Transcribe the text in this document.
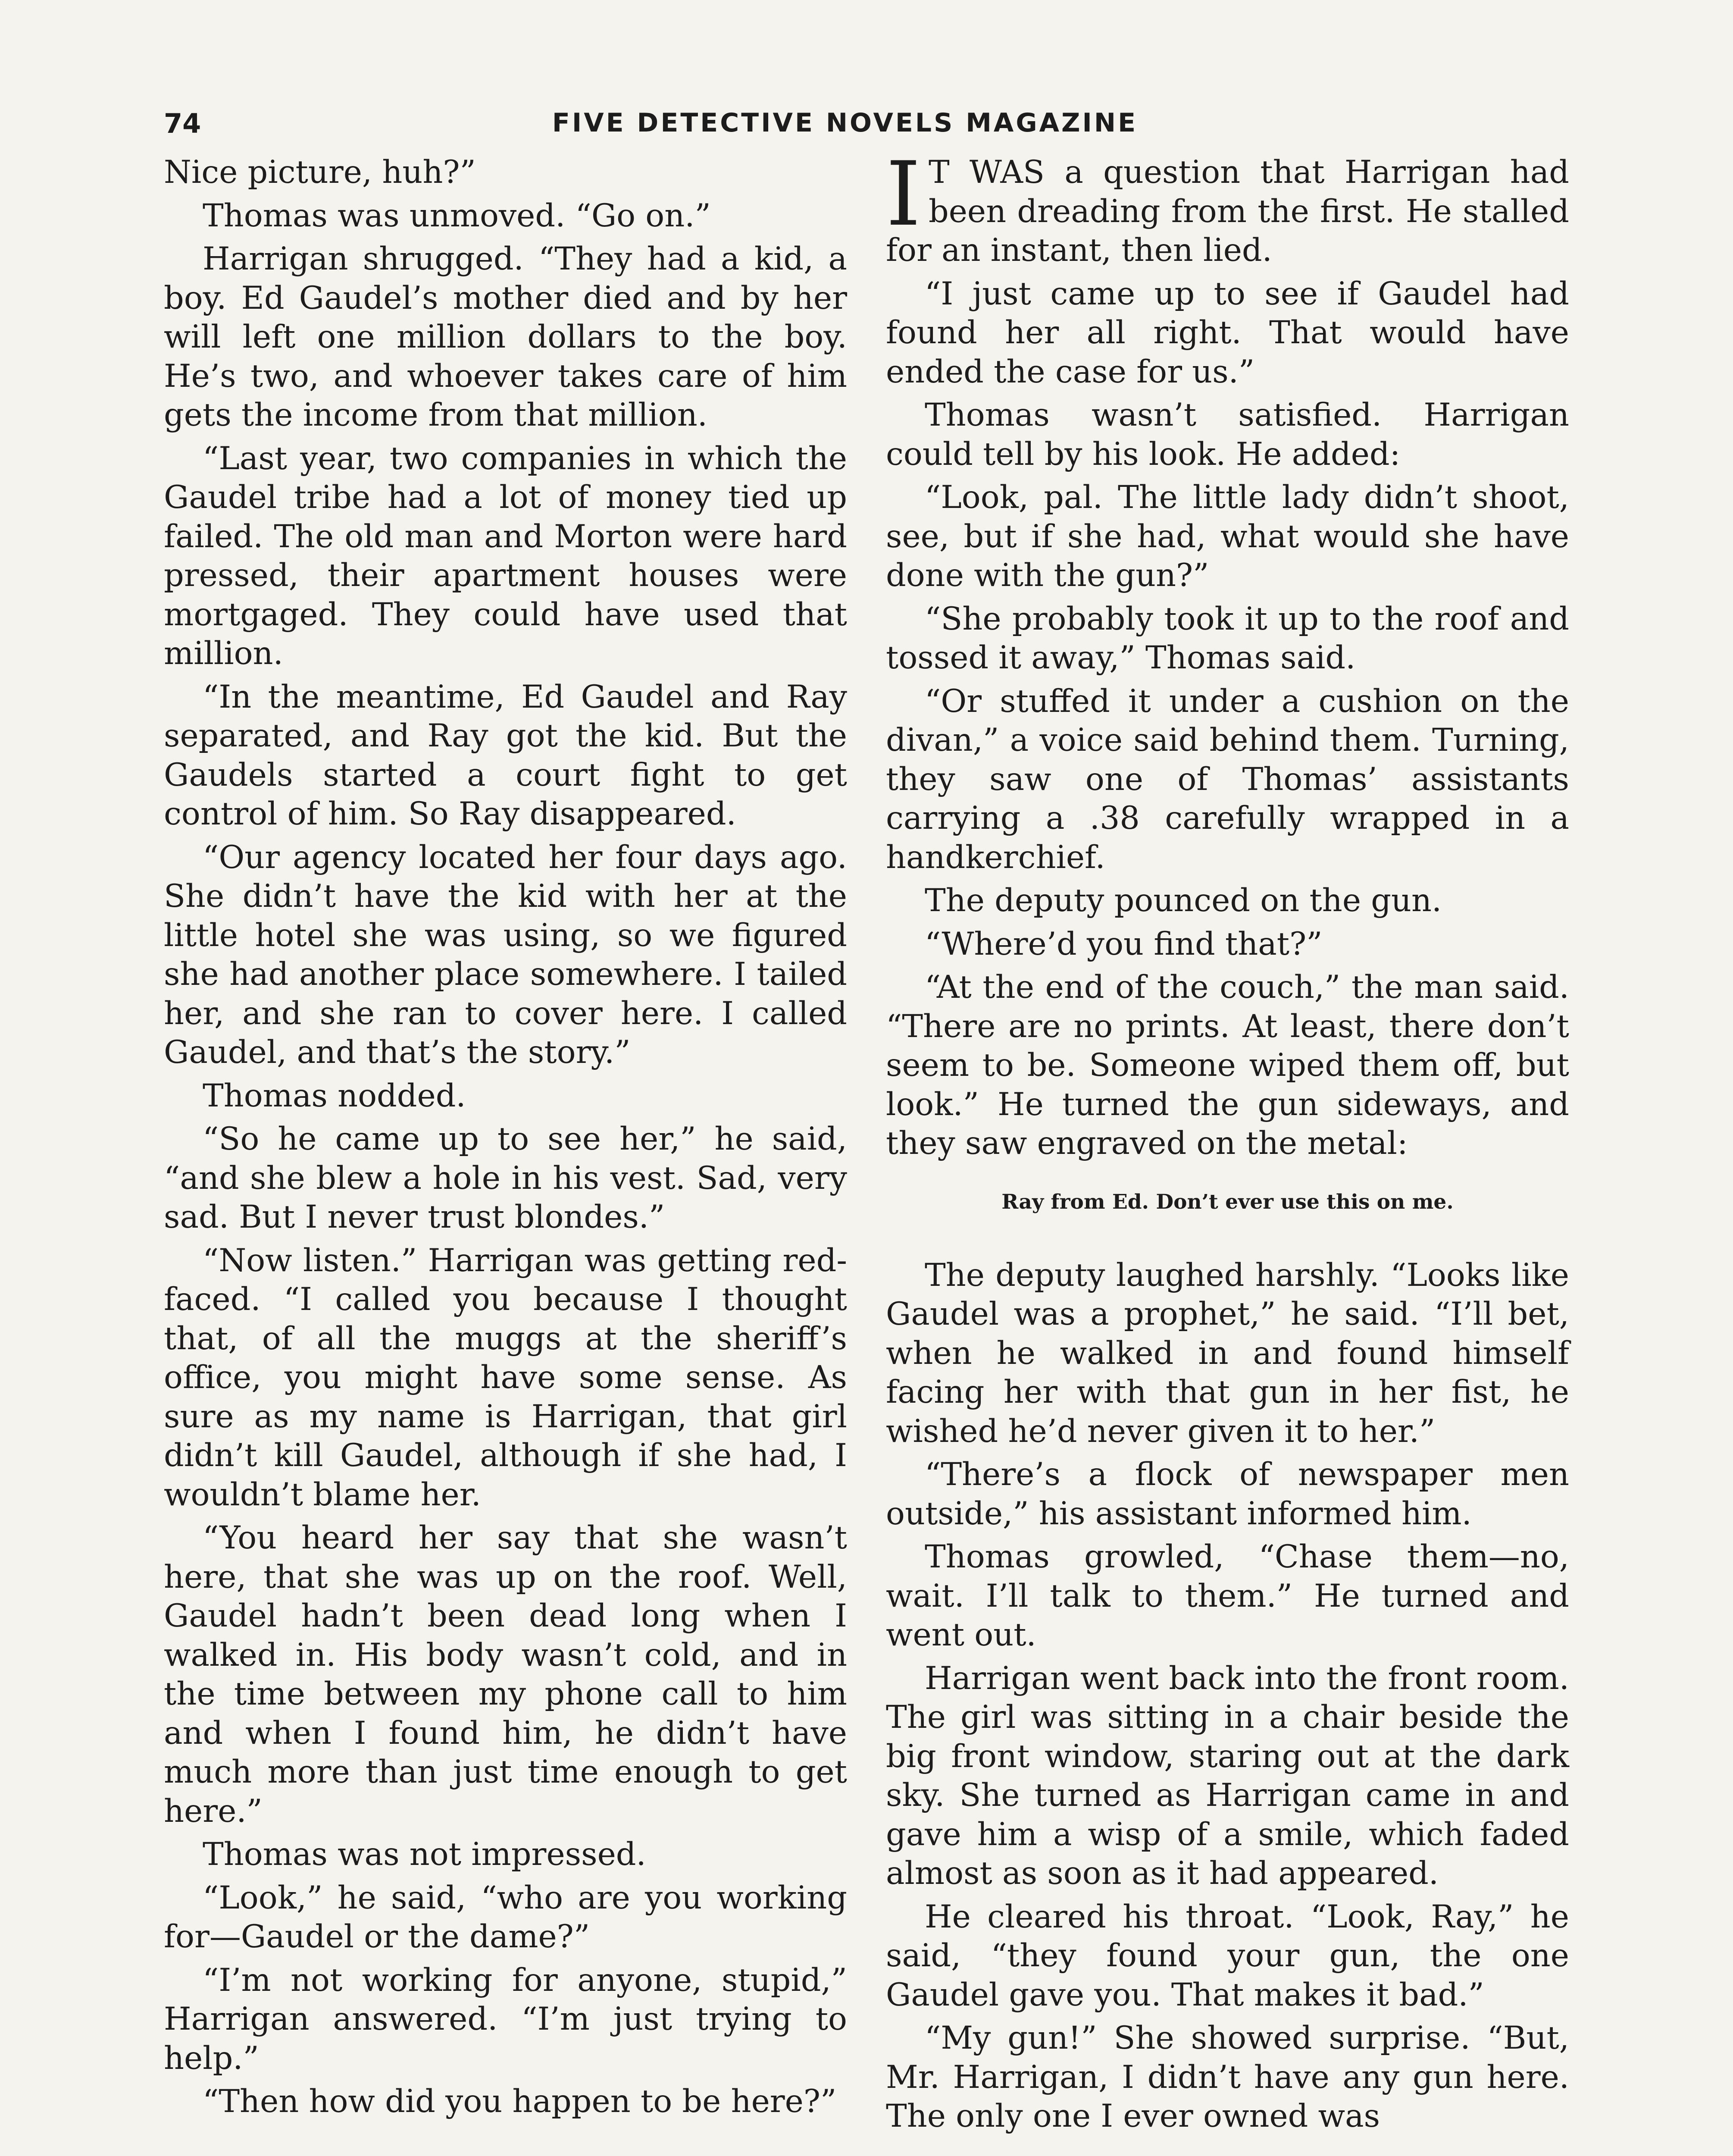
74	FIVE DETECTIVE NOVELS MAGAZINE

Nice picture, huh?”

Thomas was unmoved. “Go on.”

Harrigan shrugged. “They had a kid, a boy. Ed Gaudel’s mother died and by her will left one million dollars to the boy. He’s two, and whoever takes care of him gets the income from that million.

“Last year, two companies in which the Gaudel tribe had a lot of money tied up failed. The old man and Morton were hard pressed, their apartment houses were mortgaged. They could have used that million.

“In the meantime, Ed Gaudel and Ray separated, and Ray got the kid. But the Gaudels started a court fight to get control of him. So Ray disappeared.

“Our agency located her four days ago. She didn’t have the kid with her at the little hotel she was using, so we figured she had another place somewhere. I tailed her, and she ran to cover here. I called Gaudel, and that’s the story.”

Thomas nodded.

“So he came up to see her,” he said, “and she blew a hole in his vest. Sad, very sad. But I never trust blondes.”

“Now listen.” Harrigan was getting red-faced. “I called you because I thought that, of all the muggs at the sheriff’s office, you might have some sense. As sure as my name is Harrigan, that girl didn’t kill Gaudel, although if she had, I wouldn’t blame her.

“You heard her say that she wasn’t here, that she was up on the roof. Well, Gaudel hadn’t been dead long when I walked in. His body wasn’t cold, and in the time between my phone call to him and when I found him, he didn’t have much more than just time enough to get here.”

Thomas was not impressed.

“Look,” he said, “who are you working for—Gaudel or the dame?”

“I’m not working for anyone, stupid,” Harrigan answered. “I’m just trying to help.”

“Then how did you happen to be here?”

I T WAS a question that Harrigan had been dreading from the first. He stalled for an instant, then lied.

“I just came up to see if Gaudel had found her all right. That would have ended the case for us.”

Thomas wasn’t satisfied. Harrigan could tell by his look. He added:

“Look, pal. The little lady didn’t shoot, see, but if she had, what would she have done with the gun?”

“She probably took it up to the roof and tossed it away,” Thomas said.

“Or stuffed it under a cushion on the divan,” a voice said behind them. Turning, they saw one of Thomas’ assistants carrying a .38 carefully wrapped in a handkerchief.

The deputy pounced on the gun.

“Where’d you find that?”

“At the end of the couch,” the man said. “There are no prints. At least, there don’t seem to be. Someone wiped them off, but look.” He turned the gun sideways, and they saw engraved on the metal:

Ray from Ed. Don’t ever use this on me.

The deputy laughed harshly. “Looks like Gaudel was a prophet,” he said. “I’ll bet, when he walked in and found himself facing her with that gun in her fist, he wished he’d never given it to her.”

“There’s a flock of newspaper men outside,” his assistant informed him.

Thomas growled, “Chase them—no, wait. I’ll talk to them.” He turned and went out.

Harrigan went back into the front room. The girl was sitting in a chair beside the big front window, staring out at the dark sky. She turned as Harrigan came in and gave him a wisp of a smile, which faded almost as soon as it had appeared.

He cleared his throat. “Look, Ray,” he said, “they found your gun, the one Gaudel gave you. That makes it bad.”

“My gun!” She showed surprise. “But, Mr. Harrigan, I didn’t have any gun here. The only one I ever owned was
